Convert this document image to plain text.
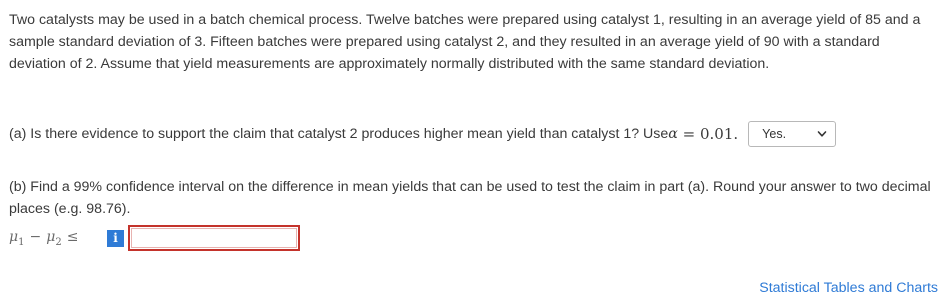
Two catalysts may be used in a batch chemical process. Twelve batches were prepared using catalyst 1, resulting in an average yield of 85 and a sample standard deviation of 3. Fifteen batches were prepared using catalyst 2, and they resulted in an average yield of 90 with a standard deviation of 2. Assume that yield measurements are approximately normally distributed with the same standard deviation.
(a) Is there evidence to support the claim that catalyst 2 produces higher mean yield than catalyst 1? Use α = 0.01. Yes.
(b) Find a 99% confidence interval on the difference in mean yields that can be used to test the claim in part (a). Round your answer to two decimal places (e.g. 98.76).
$\mu_1 - \mu_2$ ≤	i
Statistical Tables and Charts
